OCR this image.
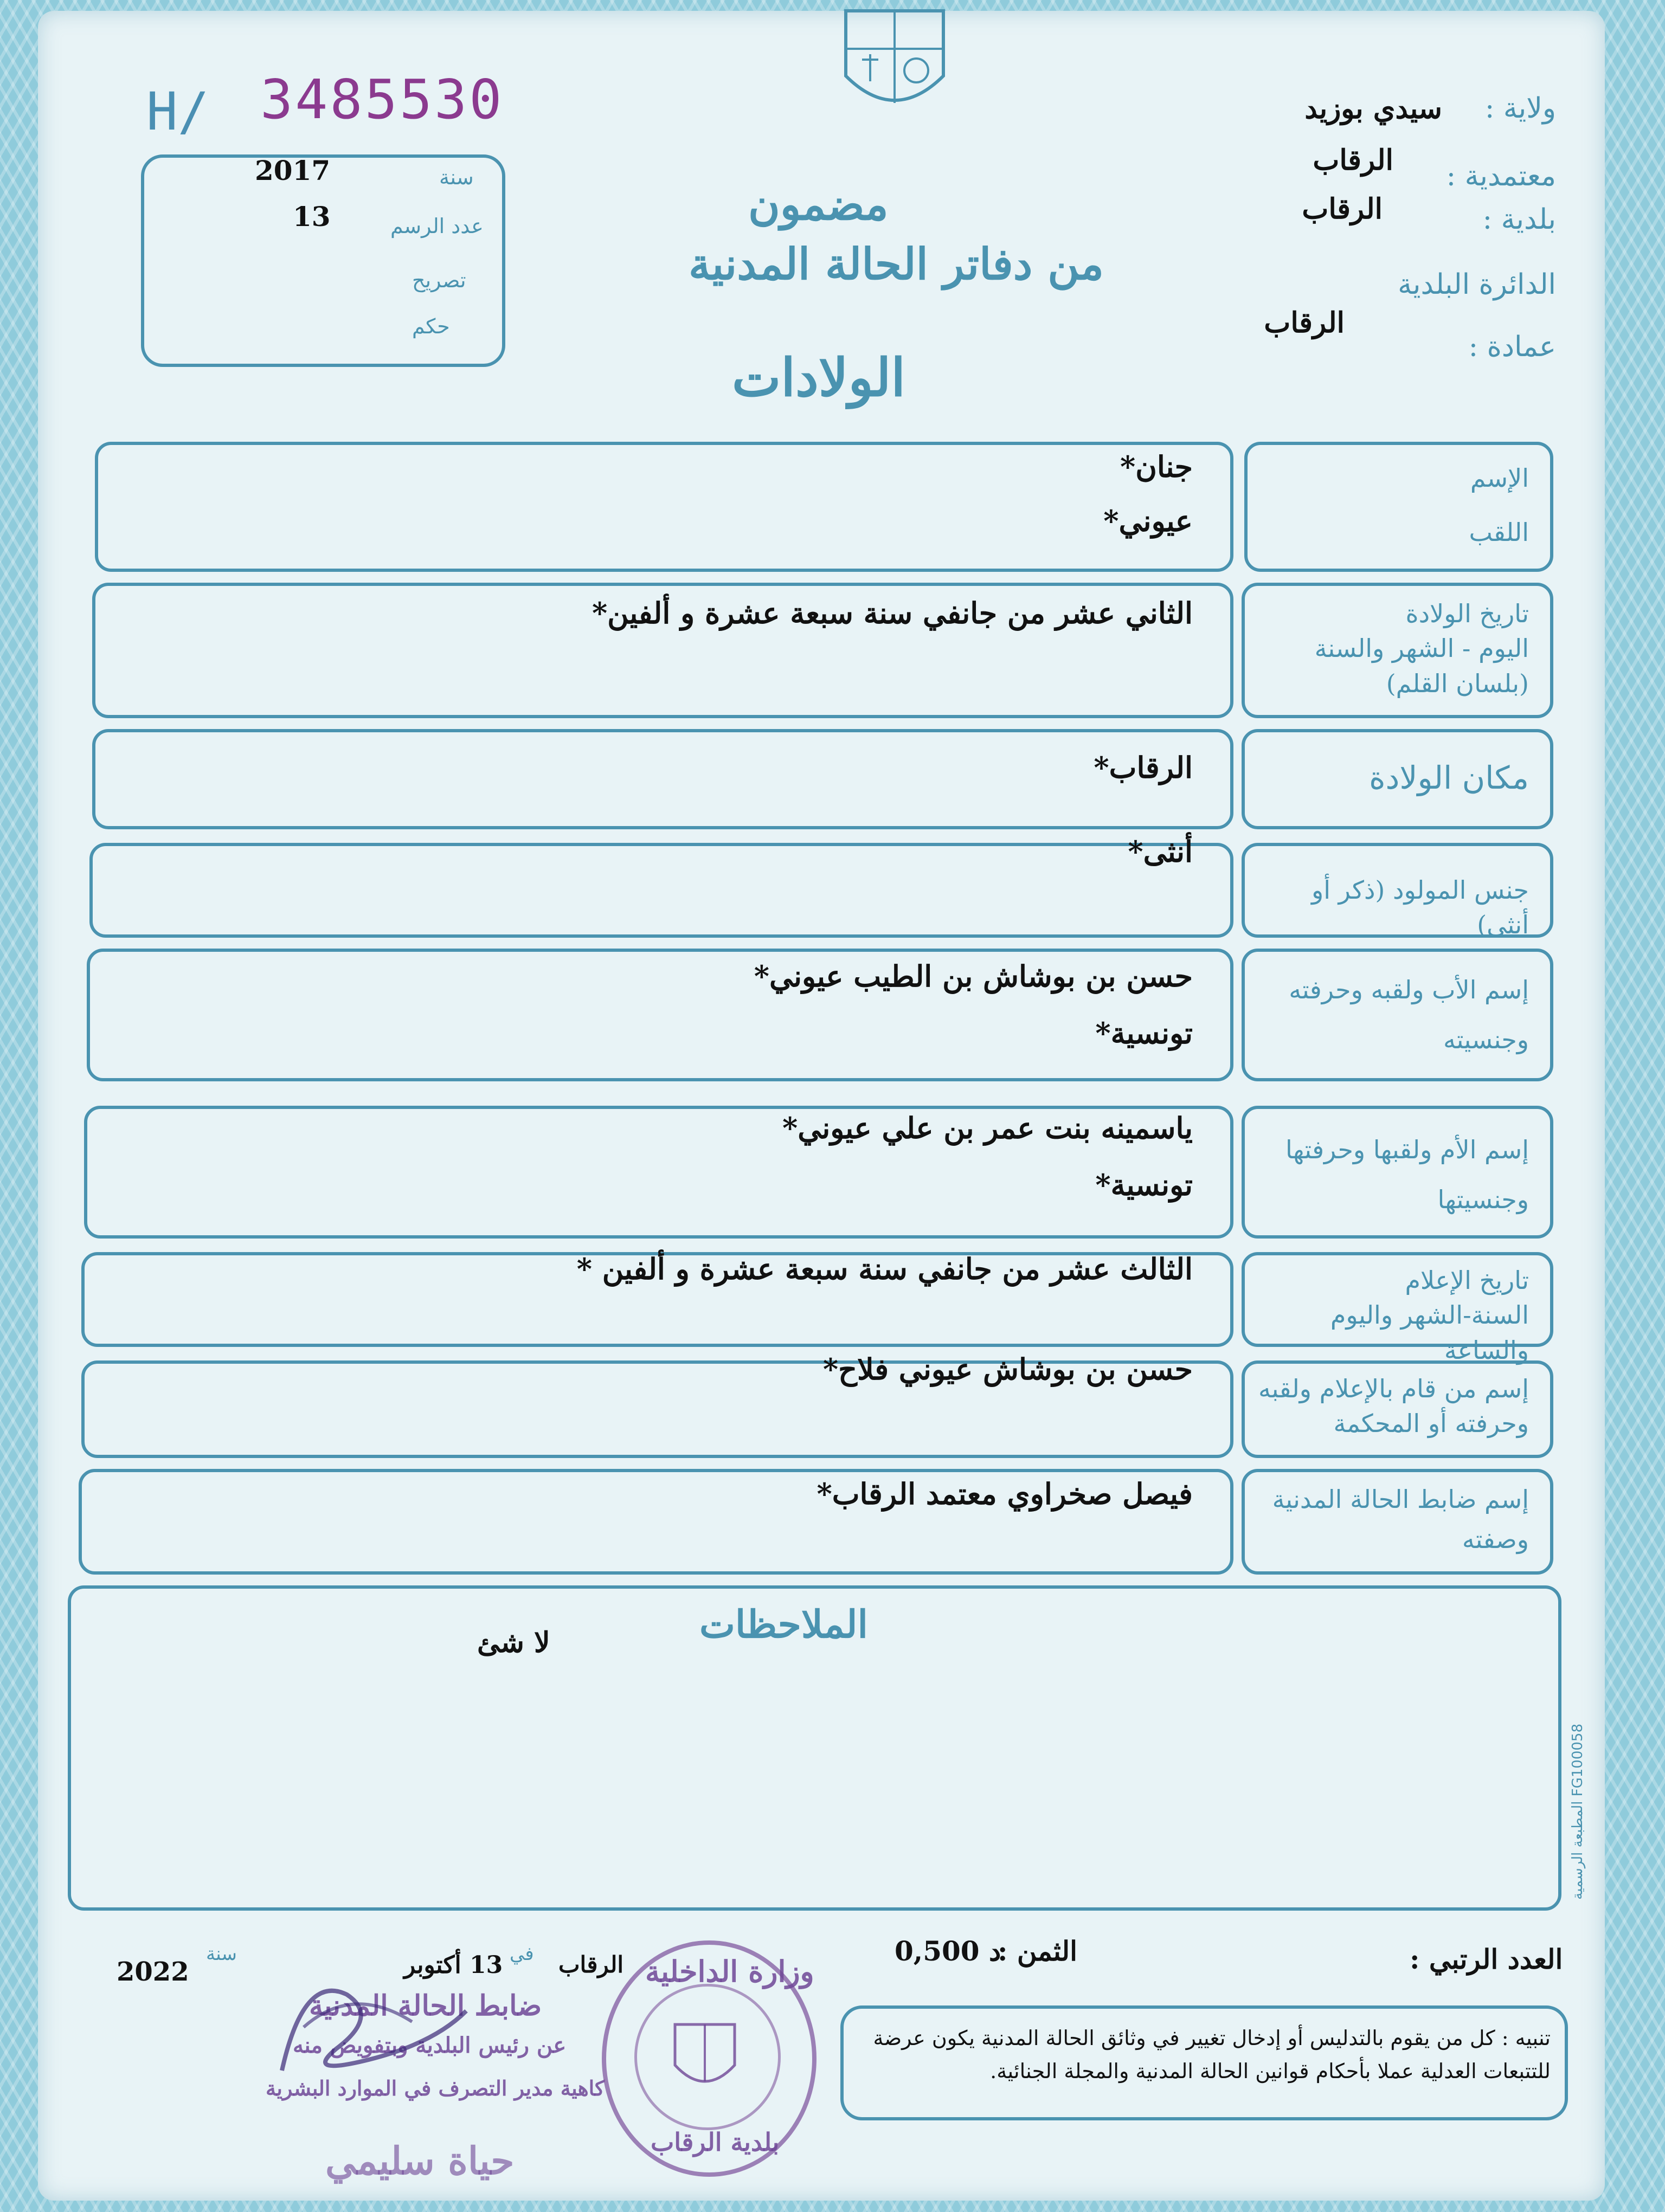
H/ 3485530
سنة
2017
عدد الرسم
13
تصريح
حكم
مضمون
من دفاتر الحالة المدنية
الولادات
ولاية :
سيدي بوزيد
معتمدية :
الرقاب
بلدية :
الرقاب
الدائرة البلدية
عمادة :
الرقاب
الإسم
اللقب
جنان*
عيوني*
تاريخ الولادة
اليوم - الشهر والسنة
(بلسان القلم)
الثاني عشر من جانفي سنة سبعة عشرة و ألفين*
مكان الولادة
الرقاب*
جنس المولود (ذكر أو أنثى)
أنثى*
إسم الأب ولقبه وحرفته
وجنسيته
حسن بن بوشاش بن الطيب عيوني*
تونسية*
إسم الأم ولقبها وحرفتها
وجنسيتها
ياسمينه بنت عمر بن علي عيوني*
تونسية*
تاريخ الإعلام
السنة-الشهر واليوم والساعة
الثالث عشر من جانفي سنة سبعة عشرة و ألفين *
إسم من قام بالإعلام ولقبه
وحرفته أو المحكمة
حسن بن بوشاش عيوني فلاح*
إسم ضابط الحالة المدنية
وصفته
فيصل صخراوي معتمد الرقاب*
الملاحظات
لا شئ
المطبعة الرسمية FG100058
العدد الرتبي :
الثمن :
0,500 د
الرقاب
في
13 أكتوبر
سنة
2022
ضابط الحالة المدنية
عن رئيس البلدية وبتفويض منه
كاهية مدير التصرف في الموارد البشرية
حياة سليمي
وزارة الداخلية
بلدية الرقاب
تنبيه : كل من يقوم بالتدليس أو إدخال تغيير في وثائق الحالة المدنية يكون عرضة
للتتبعات العدلية عملا بأحكام قوانين الحالة المدنية والمجلة الجنائية.
